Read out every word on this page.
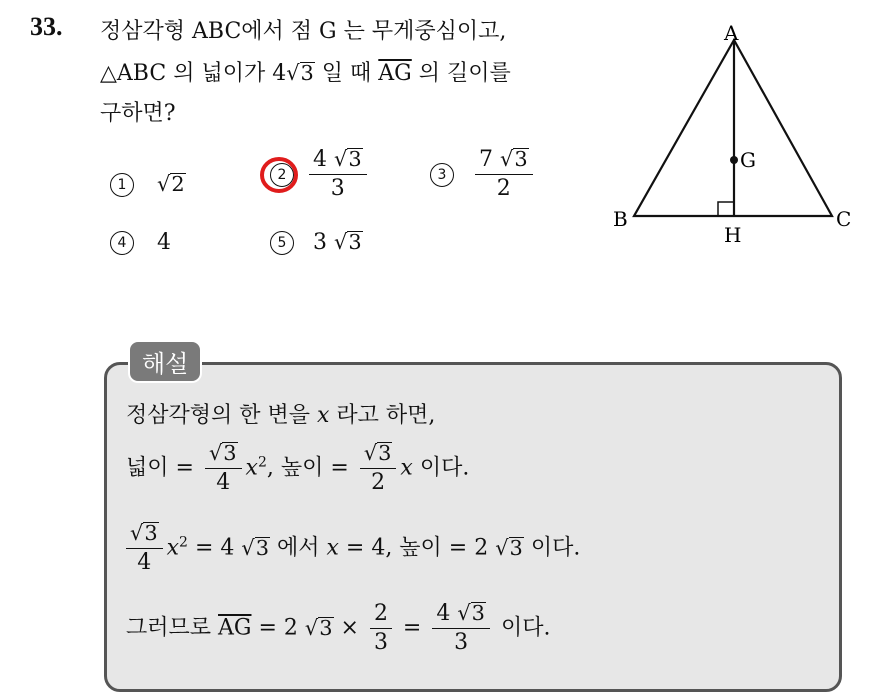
33. 정삼각형 ABC에서 점 G 는 무게중심이고,
△ABC 의 넓이가 4√3 일 때 $\overline{AG}$ 의 길이를
구하면?
1 √2	2
$\frac{4 √3}{3}$	$3 \frac{7 √3}{2}$
4 4	5 3 √3
A
B	C
G
H
해설
정삼각형의 한 변을 x 라고 하면,
넓이 = $\frac{√3}{4} x^2$, 높이 = $\frac{√3}{2}$ x 이다.
$\frac{√3}{4} x^2 = 4$ √3 에서 x = 4, 높이 = 2 √3 이다.
그러므로 $\overline{AG} = 2$ $√3 \times \frac{2}{3} = \frac{4 √3}{3}$ 이다.
